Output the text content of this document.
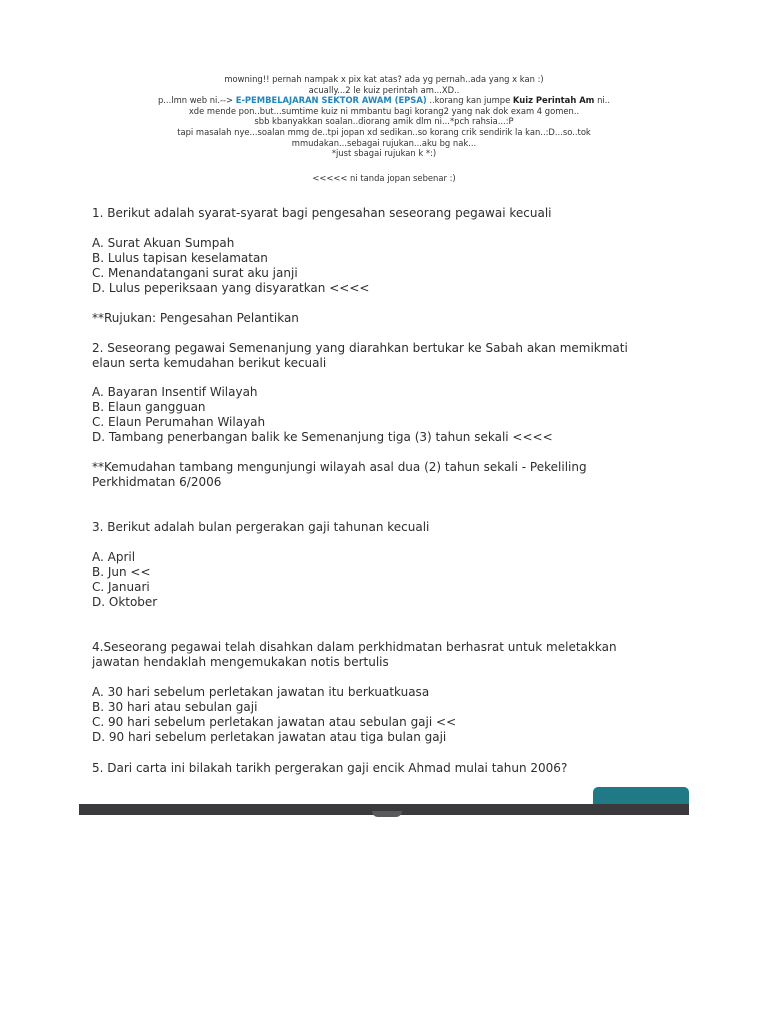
mowning!! pernah nampak x pix kat atas? ada yg pernah..ada yang x kan :)
acually...2 le kuiz perintah am...XD..
p...lmn web ni.--> E-PEMBELAJARAN SEKTOR AWAM (EPSA) ..korang kan jumpe Kuiz Perintah Am ni..
xde mende pon..but...sumtime kuiz ni mmbantu bagi korang2 yang nak dok exam 4 gomen..
sbb kbanyakkan soalan..diorang amik dlm ni...*pch rahsia...:P
tapi masalah nye...soalan mmg de..tpi jopan xd sedikan..so korang crik sendirik la kan..:D...so..tok
mmudakan...sebagai rujukan...aku bg nak...
*just sbagai rujukan k *:)
<<<<< ni tanda jopan sebenar :)
1. Berikut adalah syarat-syarat bagi pengesahan seseorang pegawai kecuali
A. Surat Akuan Sumpah
B. Lulus tapisan keselamatan
C. Menandatangani surat aku janji
D. Lulus peperiksaan yang disyaratkan <<<<
**Rujukan: Pengesahan Pelantikan
2. Seseorang pegawai Semenanjung yang diarahkan bertukar ke Sabah akan memikmati
elaun serta kemudahan berikut kecuali
A. Bayaran Insentif Wilayah
B. Elaun gangguan
C. Elaun Perumahan Wilayah
D. Tambang penerbangan balik ke Semenanjung tiga (3) tahun sekali <<<<
**Kemudahan tambang mengunjungi wilayah asal dua (2) tahun sekali - Pekeliling
Perkhidmatan 6/2006
3. Berikut adalah bulan pergerakan gaji tahunan kecuali
A. April
B. Jun <<
C. Januari
D. Oktober
4.Seseorang pegawai telah disahkan dalam perkhidmatan berhasrat untuk meletakkan
jawatan hendaklah mengemukakan notis bertulis
A. 30 hari sebelum perletakan jawatan itu berkuatkuasa
B. 30 hari atau sebulan gaji
C. 90 hari sebelum perletakan jawatan atau sebulan gaji <<
D. 90 hari sebelum perletakan jawatan atau tiga bulan gaji
5. Dari carta ini bilakah tarikh pergerakan gaji encik Ahmad mulai tahun 2006?
